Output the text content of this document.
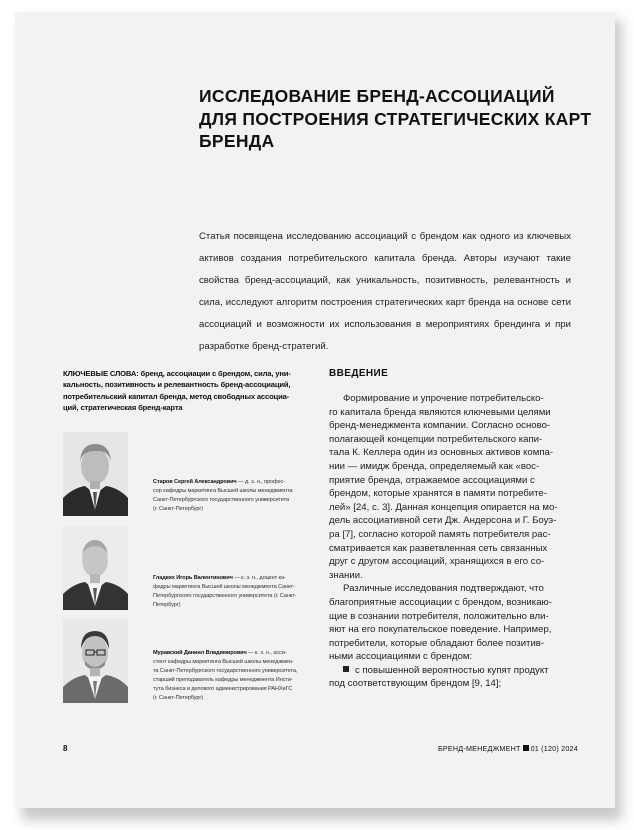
ИССЛЕДОВАНИЕ БРЕНД-АССОЦИАЦИЙ
ДЛЯ ПОСТРОЕНИЯ СТРАТЕГИЧЕСКИХ КАРТ
БРЕНДА

Статья посвящена исследованию ассоциаций с брендом как одного из ключевых активов создания потребительского капитала бренда. Авторы изучают такие свойства бренд-ассоциаций, как уникальность, позитивность, релевантность и сила, исследуют алгоритм построения стратегических карт бренда на основе сети ассоциаций и возможности их использования в мероприятиях брендинга и при разработке бренд-стратегий.

КЛЮЧЕВЫЕ СЛОВА: бренд, ассоциации с брендом, сила, уни-
кальность, позитивность и релевантность бренд-ассоциаций,
потребительский капитал бренда, метод свободных ассоциа-
ций, стратегическая бренд-карта
Старов Сергей Александрович — д. э. н., профес-
сор кафедры маркетинга Высшей школы менеджмента
Санкт-Петербургского государственного университета
(г. Санкт-Петербург)
Гладких Игорь Валентинович — к. э. н., доцент ка-
федры маркетинга Высшей школы менеджмента Санкт-
Петербургского государственного университета (г. Санкт-
Петербург)
Муравский Даниил Владимирович — к. э. н., асси-
стент кафедры маркетинга Высшей школы менеджмен-
та Санкт-Петербургского государственного университета,
старший преподаватель кафедры менеджмента Инсти-
тута бизнеса и делового администрирования РАНХиГС
(г. Санкт-Петербург)
ВВЕДЕНИЕ
Формирование и упрочение потребительско-
го капитала бренда являются ключевыми целями
бренд-менеджмента компании. Согласно осново-
полагающей концепции потребительского капи-
тала К. Келлера один из основных активов компа-
нии — имидж бренда, определяемый как «вос-
приятие бренда, отражаемое ассоциациями с
брендом, которые хранятся в памяти потребите-
лей» [24, с. 3]. Данная концепция опирается на мо-
дель ассоциативной сети Дж. Андерсона и Г. Боуэ-
ра [7], согласно которой память потребителя рас-
сматривается как разветвленная сеть связанных
друг с другом ассоциаций, хранящихся в его со-
знании.
Различные исследования подтверждают, что
благоприятные ассоциации с брендом, возникаю-
щие в сознании потребителя, положительно вли-
яют на его покупательское поведение. Например,
потребители, которые обладают более позитив-
ными ассоциациями с брендом:
с повышенной вероятностью купят продукт
под соответствующим брендом [9, 14];
8	БРЕНД-МЕНЕДЖМЕНТ 01 (120) 2024
